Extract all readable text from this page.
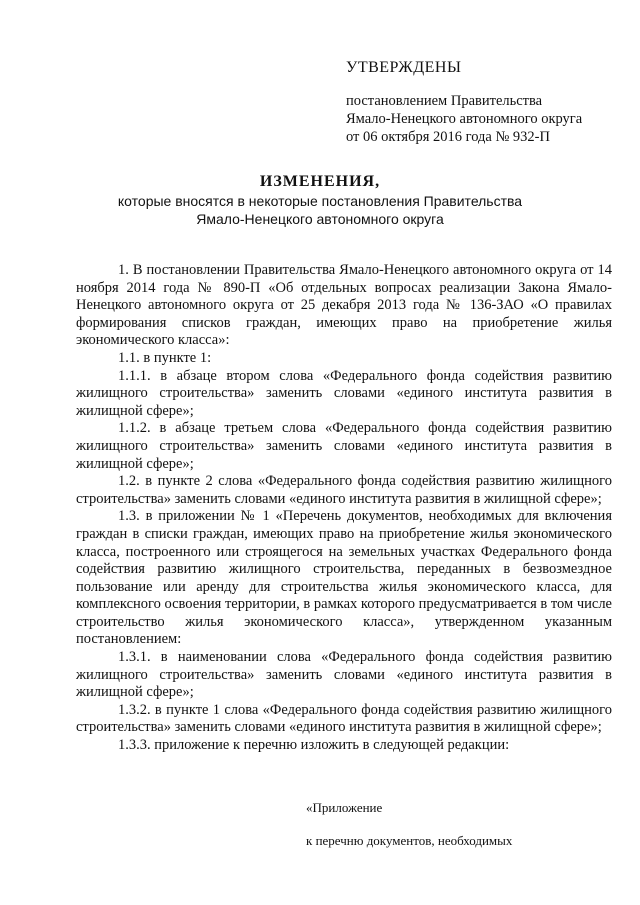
УТВЕРЖДЕНЫ
постановлением Правительства
Ямало-Ненецкого автономного округа
от 06 октября 2016 года № 932-П
ИЗМЕНЕНИЯ,
которые вносятся в некоторые постановления Правительства
Ямало-Ненецкого автономного округа

1. В постановлении Правительства Ямало-Ненецкого автономного округа от 14 ноября 2014 года № 890-П «Об отдельных вопросах реализации Закона Ямало-Ненецкого автономного округа от 25 декабря 2013 года № 136-ЗАО «О правилах формирования списков граждан, имеющих право на приобретение жилья экономического класса»:

1.1. в пункте 1:

1.1.1. в абзаце втором слова «Федерального фонда содействия развитию жилищного строительства» заменить словами «единого института развития в жилищной сфере»;

1.1.2. в абзаце третьем слова «Федерального фонда содействия развитию жилищного строительства» заменить словами «единого института развития в жилищной сфере»;

1.2. в пункте 2 слова «Федерального фонда содействия развитию жилищного строительства» заменить словами «единого института развития в жилищной сфере»;

1.3. в приложении № 1 «Перечень документов, необходимых для включения граждан в списки граждан, имеющих право на приобретение жилья экономического класса, построенного или строящегося на земельных участках Федерального фонда содействия развитию жилищного строительства, переданных в безвозмездное пользование или аренду для строительства жилья экономического класса, для комплексного освоения территории, в рамках которого предусматривается в том числе строительство жилья экономического класса», утвержденном указанным постановлением:

1.3.1. в наименовании слова «Федерального фонда содействия развитию жилищного строительства» заменить словами «единого института развития в жилищной сфере»;

1.3.2. в пункте 1 слова «Федерального фонда содействия развитию жилищного строительства» заменить словами «единого института развития в жилищной сфере»;

1.3.3. приложение к перечню изложить в следующей редакции:

«Приложение
к перечню документов, необходимых
